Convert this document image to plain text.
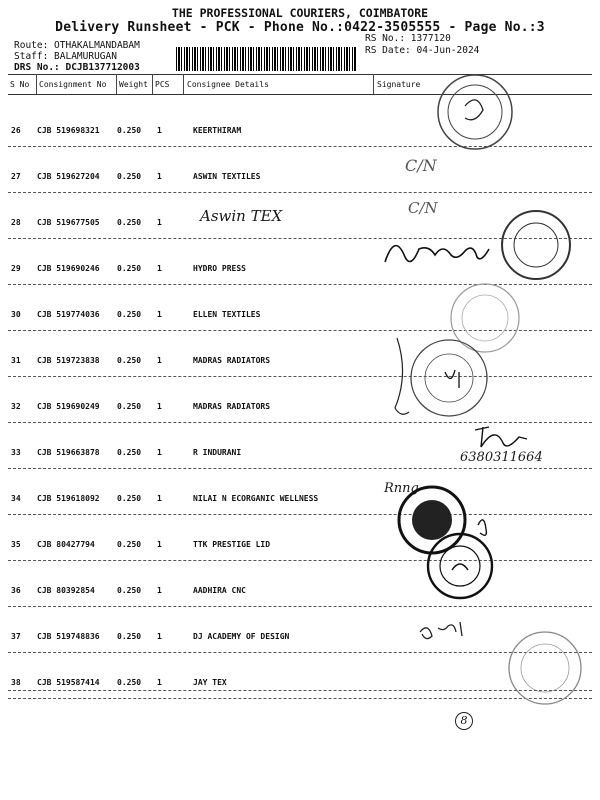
THE PROFESSIONAL COURIERS, COIMBATORE
Delivery Runsheet - PCK - Phone No.:0422-3505555 - Page No.:3
Route: OTHAKALMANDABAM
Staff: BALAMURUGAN
DRS No.: DCJB137712003
RS No.: 1377120
RS Date: 04-Jun-2024
S No Consignment No Weight PCS Consignee Details	Signature
26 CJB 519698321 0.250 1	KEERTHIRAM
27 CJB 519627204 0.250 1	ASWIN TEXTILES
28 CJB 519677505 0.250 1
29 CJB 519690246 0.250 1	HYDRO PRESS
30 CJB 519774036 0.250 1	ELLEN TEXTILES
31 CJB 519723838 0.250 1	MADRAS RADIATORS
32 CJB 519690249 0.250 1	MADRAS RADIATORS
33 CJB 519663878 0.250 1	R INDURANI
34 CJB 519618092 0.250 1	NILAI N ECORGANIC WELLNESS
35 CJB 80427794	0.250 1	TTK PRESTIGE LID
36 CJB 80392854	0.250 1	AADHIRA CNC
37 CJB 519748836 0.250 1	DJ ACADEMY OF DESIGN
38 CJB 519587414 0.250 1	JAY TEX
Aswin TEX
C/N
C/N
6380311664
Rnng
8
